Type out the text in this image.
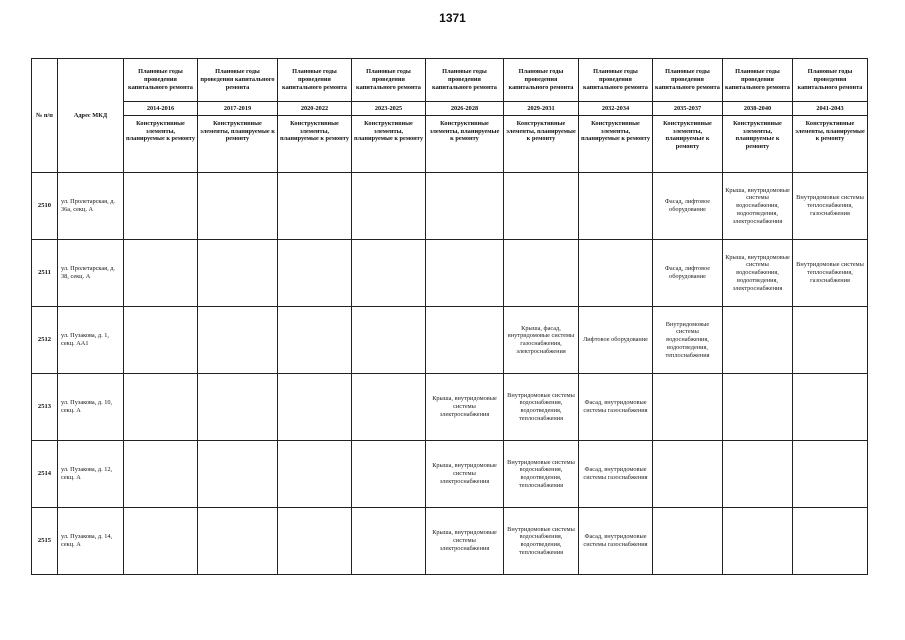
1371
№ п/п	Адрес МКД	Плановые годы проведения капитального ремонта	Плановые годы проведения капитального ремонта	Плановые годы проведения капитального ремонта	Плановые годы проведения капитального ремонта	Плановые годы проведения капитального ремонта	Плановые годы проведения капитального ремонта	Плановые годы проведения капитального ремонта	Плановые годы проведения капитального ремонта	Плановые годы проведения капитального ремонта	Плановые годы проведения капитального ремонта
		2014-2016	2017-2019	2020-2022	2023-2025	2026-2028	2029-2031	2032-2034	2035-2037	2038-2040	2041-2043
		Конструктивные элементы, планируемые к ремонту	Конструктивные элементы, планируемые к ремонту	Конструктивные элементы, планируемые к ремонту	Конструктивные элементы, планируемые к ремонту	Конструктивные элементы, планируемые к ремонту	Конструктивные элементы, планируемые к ремонту	Конструктивные элементы, планируемые к ремонту	Конструктивные элементы, планируемые к ремонту	Конструктивные элементы, планируемые к ремонту	Конструктивные элементы, планируемые к ремонту
2510	ул. Пролетарская, д. 36а, секц. А								Фасад, лифтовое оборудование	Крыша, внутридомовые системы водоснабжения, водоотведения, электроснабжения	Внутридомовые системы теплоснабжения, газоснабжения
2511	ул. Пролетарская, д. 38, секц. А								Фасад, лифтовое оборудование	Крыша, внутридомовые системы водоснабжения, водоотведения, электроснабжения	Внутридомовые системы теплоснабжения, газоснабжения
2512	ул. Пузакова, д. 1, секц. АА1						Крыша, фасад, внутридомовые системы газоснабжения, электроснабжения	Лифтовое оборудование	Внутридомовые системы водоснабжения, водоотведения, теплоснабжения		
2513	ул. Пузакова, д. 10, секц. А					Крыша, внутридомовые системы электроснабжения	Внутридомовые системы водоснабжения, водоотведения, теплоснабжения	Фасад, внутридомовые системы газоснабжения			
2514	ул. Пузакова, д. 12, секц. А					Крыша, внутридомовые системы электроснабжения	Внутридомовые системы водоснабжения, водоотведения, теплоснабжения	Фасад, внутридомовые системы газоснабжения			
2515	ул. Пузакова, д. 14, секц. А					Крыша, внутридомовые системы электроснабжения	Внутридомовые системы водоснабжения, водоотведения, теплоснабжения	Фасад, внутридомовые системы газоснабжения			
